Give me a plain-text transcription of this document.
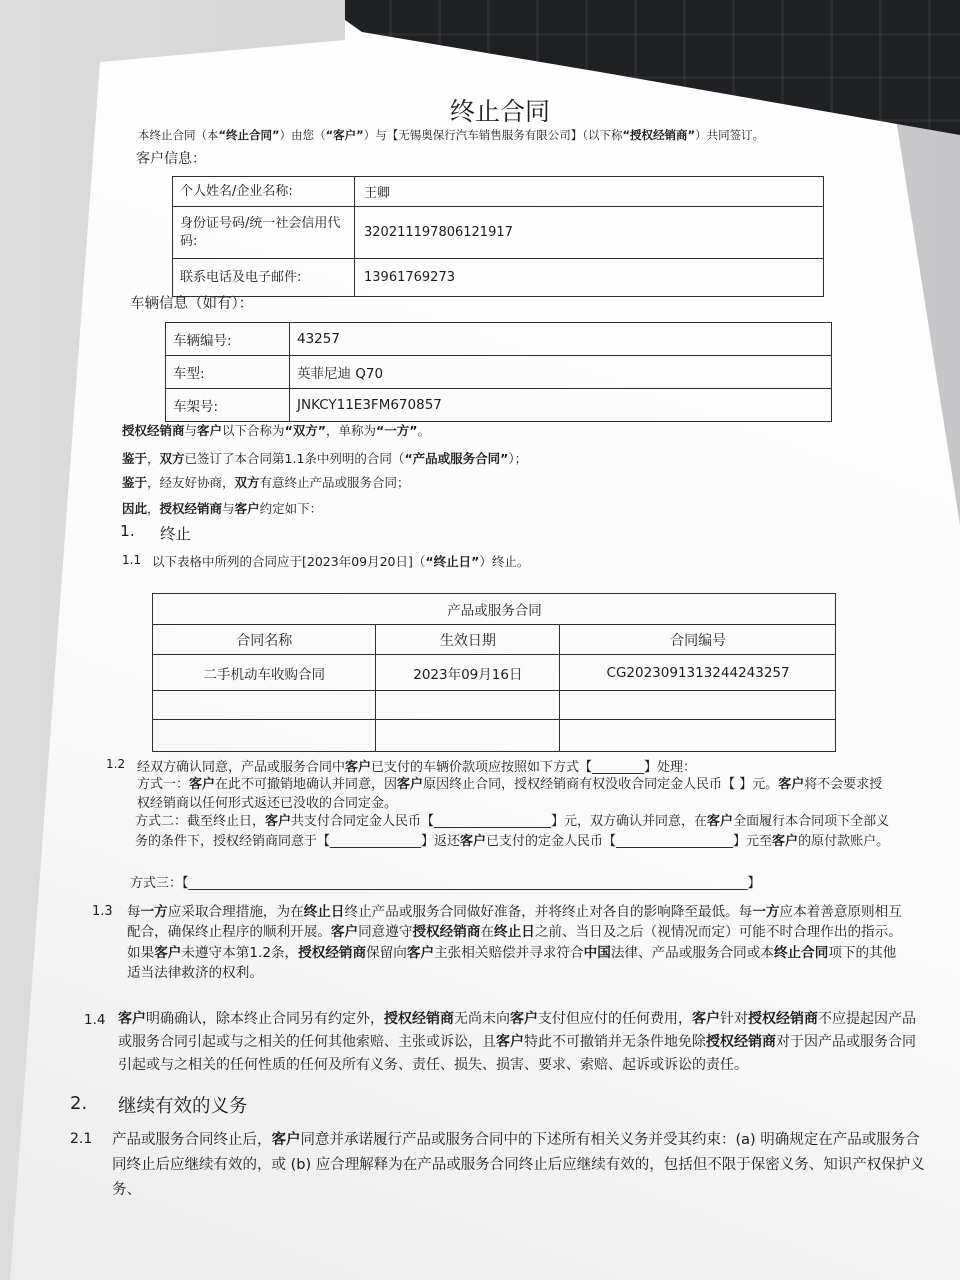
终止合同
本终止合同（本“终止合同”）由您（“客户”）与【无锡奥保行汽车销售服务有限公司】（以下称“授权经销商”）共同签订。
客户信息：
个人姓名/企业名称:	王卿
身份证号码/统一社会信用代码:	320211197806121917
联系电话及电子邮件:	13961769273
车辆信息（如有）：
车辆编号:	43257
车型:	英菲尼迪 Q70
车架号:	JNKCY11E3FM670857
授权经销商与客户以下合称为“双方”，单称为“一方”。
鉴于，双方已签订了本合同第1.1条中列明的合同（“产品或服务合同”）；
鉴于，经友好协商，双方有意终止产品或服务合同；
因此，授权经销商与客户约定如下：
1. 终止
1.1 以下表格中所列的合同应于[2023年09月20日]（“终止日”）终止。
产品或服务合同		
合同名称	生效日期	合同编号
二手机动车收购合同	2023年09月16日	CG2023091313244243257

1.2 经双方确认同意，产品或服务合同中客户已支付的车辆价款项应按照如下方式【________】处理：
方式一：客户在此不可撤销地确认并同意，因客户原因终止合同，授权经销商有权没收合同定金人民币【 】元。客户将不会要求授权经销商以任何形式返还已没收的合同定金。
方式二：截至终止日，客户共支付合同定金人民币【__________________】元，双方确认并同意，在客户全面履行本合同项下全部义务的条件下，授权经销商同意于【______________】返还客户已支付的定金人民币【__________________】元至客户的原付款账户。
方式三：【______________________________________________________________________________________】
1.3 每一方应采取合理措施，为在终止日终止产品或服务合同做好准备，并将终止对各自的影响降至最低。每一方应本着善意原则相互配合，确保终止程序的顺利开展。客户同意遵守授权经销商在终止日之前、当日及之后（视情况而定）可能不时合理作出的指示。如果客户未遵守本第1.2条，授权经销商保留向客户主张相关赔偿并寻求符合中国法律、产品或服务合同或本终止合同项下的其他适当法律救济的权利。
1.4 客户明确确认，除本终止合同另有约定外，授权经销商无尚未向客户支付但应付的任何费用，客户针对授权经销商不应提起因产品或服务合同引起或与之相关的任何其他索赔、主张或诉讼，且客户特此不可撤销并无条件地免除授权经销商对于因产品或服务合同引起或与之相关的任何性质的任何及所有义务、责任、损失、损害、要求、索赔、起诉或诉讼的责任。
2. 继续有效的义务
2.1 产品或服务合同终止后，客户同意并承诺履行产品或服务合同中的下述所有相关义务并受其约束：(a) 明确规定在产品或服务合同终止后应继续有效的，或 (b) 应合理解释为在产品或服务合同终止后应继续有效的，包括但不限于保密义务、知识产权保护义务、
